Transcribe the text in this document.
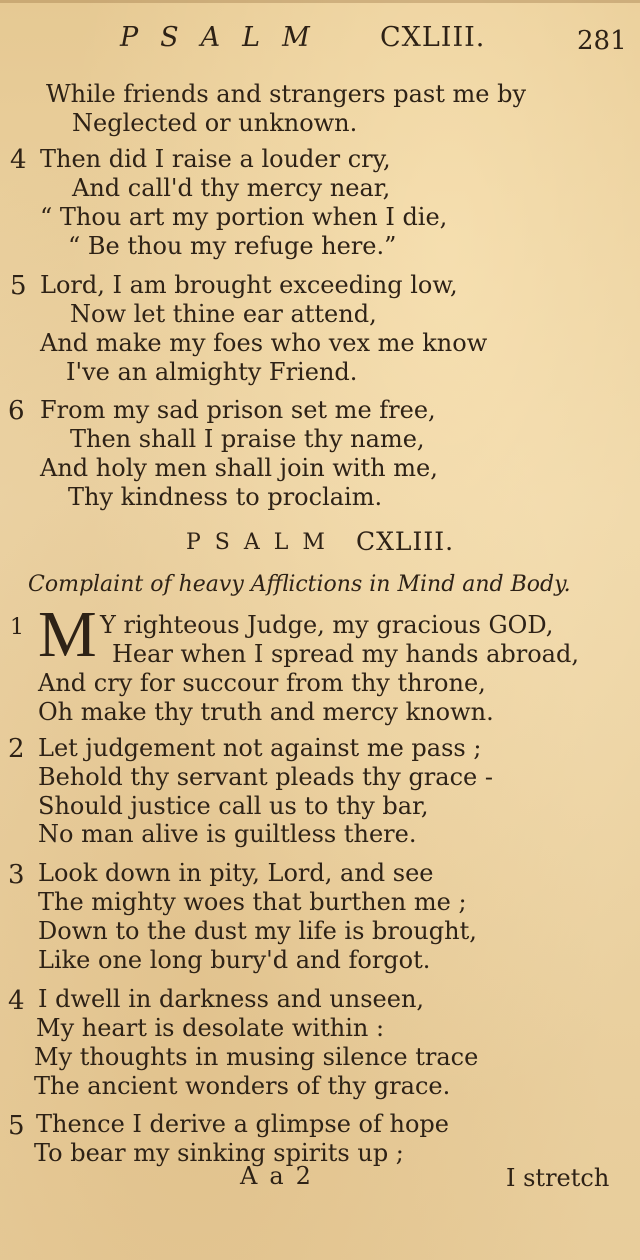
PSALM CXLIII.	281
While friends and strangers past me by
Neglected or unknown.
4 Then did I raise a louder cry,
And call'd thy mercy near,
“ Thou art my portion when I die,
“ Be thou my refuge here.”
5 Lord, I am brought exceeding low,
Now let thine ear attend,
And make my foes who vex me know
I've an almighty Friend.
6 From my sad prison set me free,
Then shall I praise thy name,
And holy men shall join with me,
Thy kindness to proclaim.
PSALM CXLIII.
Complaint of heavy Afflictions in Mind and Body.
1 M Y righteous Judge, my gracious GOD,
Hear when I spread my hands abroad,
And cry for succour from thy throne,
Oh make thy truth and mercy known.
2 Let judgement not against me pass ;
Behold thy servant pleads thy grace -
Should justice call us to thy bar,
No man alive is guiltless there.
3 Look down in pity, Lord, and see
The mighty woes that burthen me ;
Down to the dust my life is brought,
Like one long bury'd and forgot.
4 I dwell in darkness and unseen,
My heart is desolate within :
My thoughts in musing silence trace
The ancient wonders of thy grace.
5 Thence I derive a glimpse of hope
To bear my sinking spirits up ;
Aa2	I stretch
